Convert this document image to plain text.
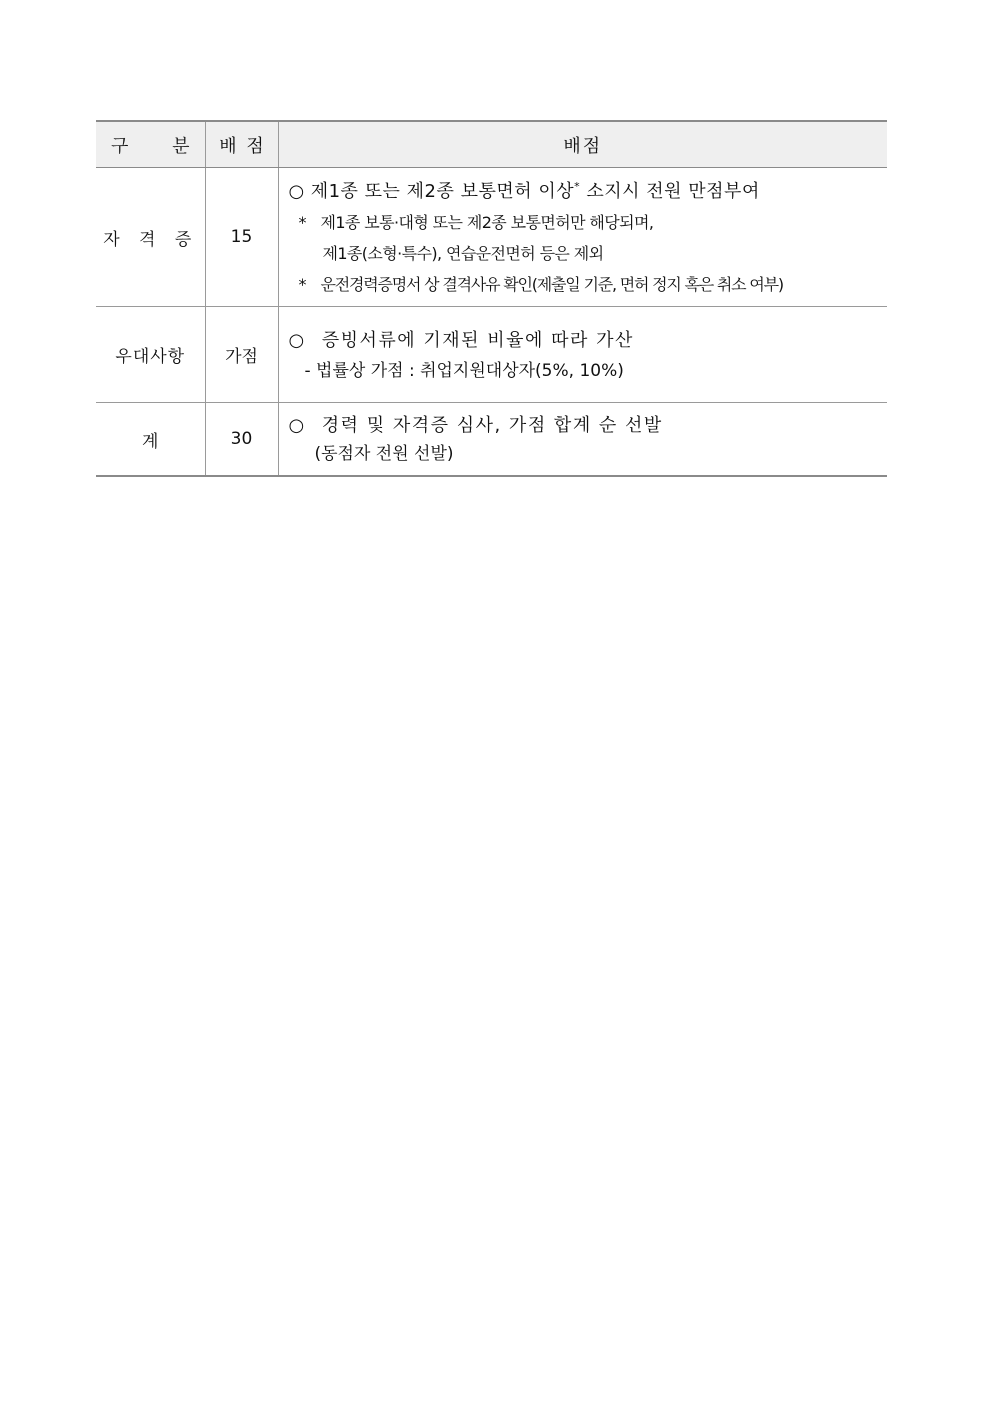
구 분	배 점	배점
자 격 증	15	○ 제1종 또는 제2종 보통면허 이상* 소지시 전원 만점부여
* 제1종 보통·대형 또는 제2종 보통면허만 해당되며,
제1종(소형·특수), 연습운전면허 등은 제외
* 운전경력증명서 상 결격사유 확인(제출일 기준, 면허 정지 혹은 취소 여부)

우대사항	가점	○ 증빙서류에 기재된 비율에 따라 가산
- 법률상 가점 : 취업지원대상자(5%, 10%)

계	30	○ 경력 및 자격증 심사, 가점 합계 순 선발
(동점자 전원 선발)
